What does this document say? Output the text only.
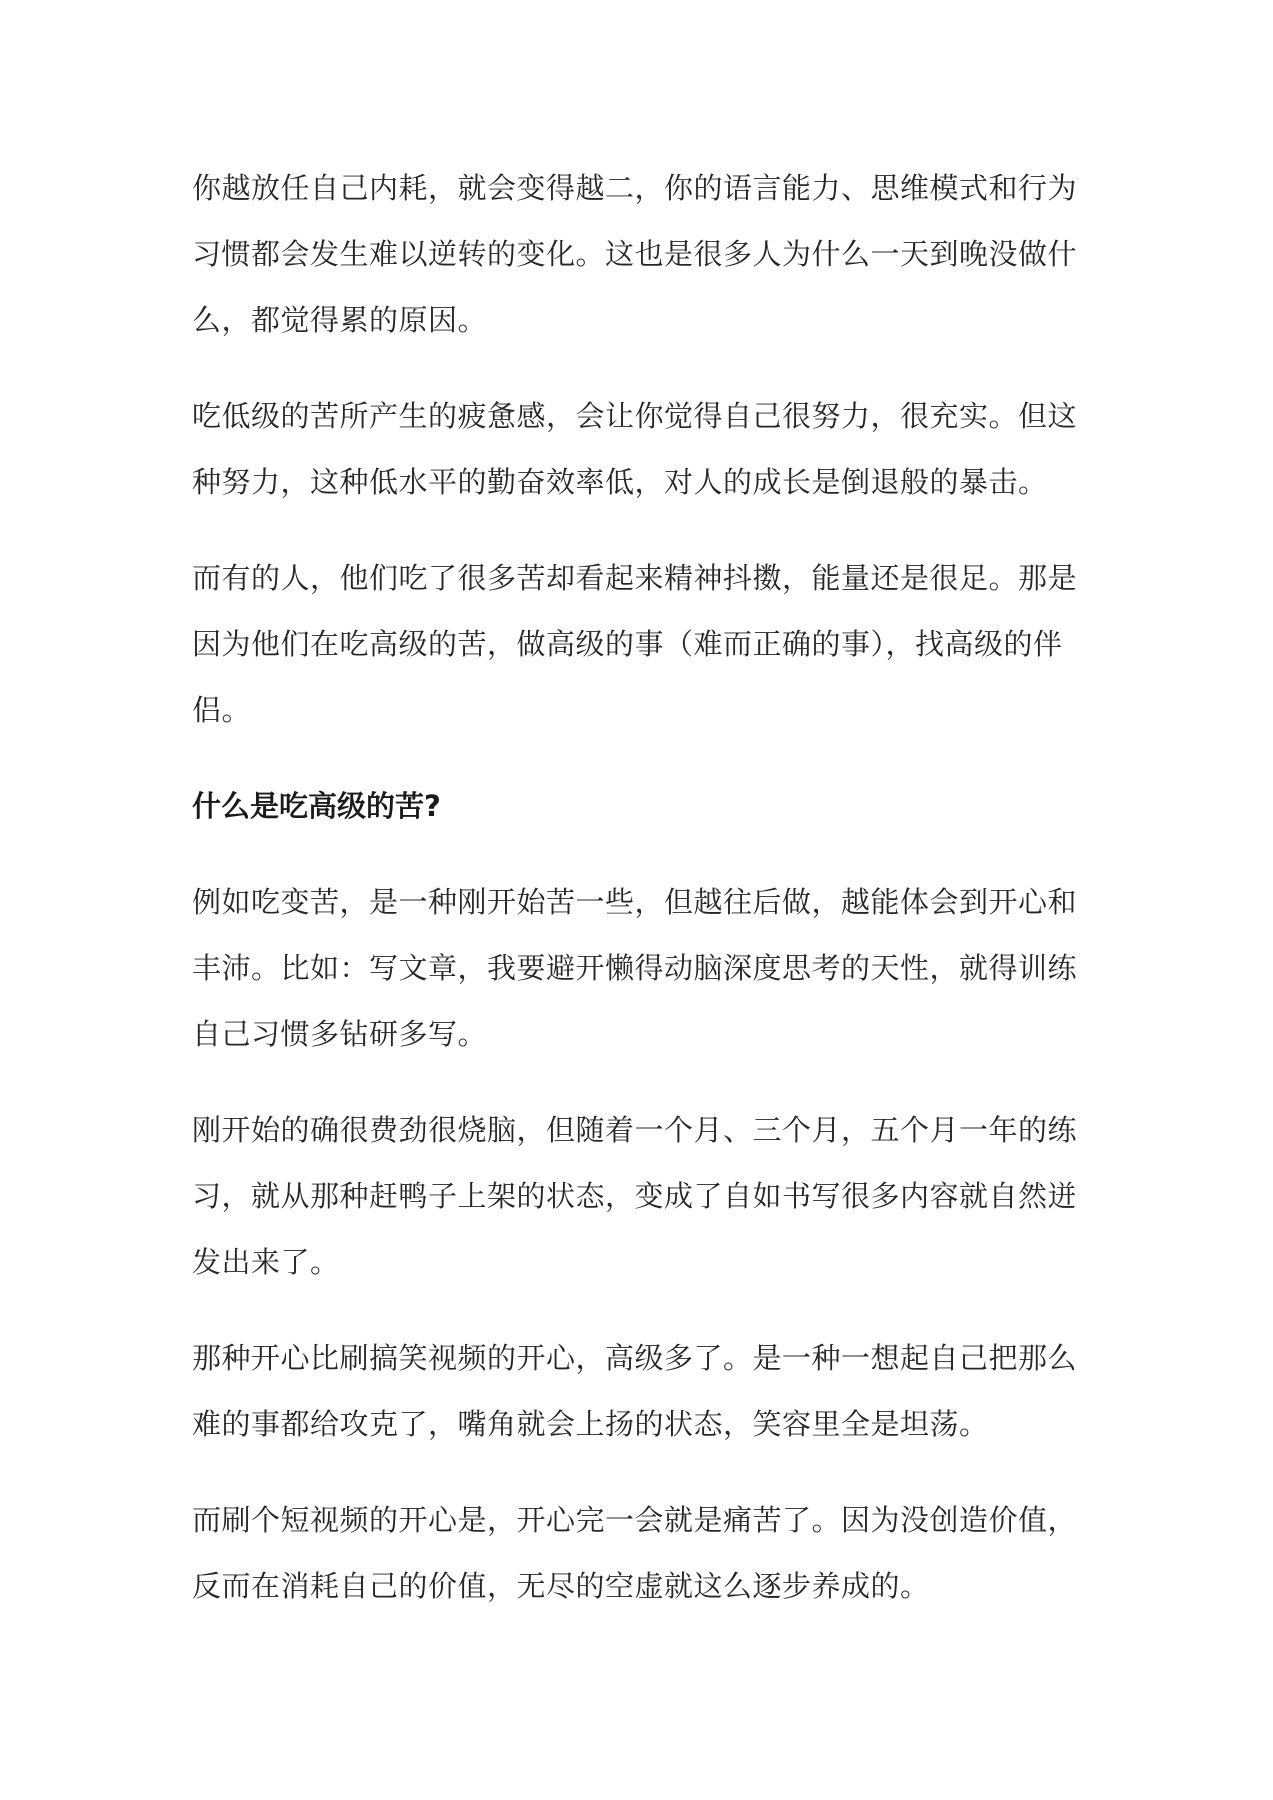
你越放任自己内耗，就会变得越二，你的语言能力、思维模式和行为
习惯都会发生难以逆转的变化。这也是很多人为什么一天到晚没做什
么，都觉得累的原因。

吃低级的苦所产生的疲惫感，会让你觉得自己很努力，很充实。但这
种努力，这种低水平的勤奋效率低，对人的成长是倒退般的暴击。

而有的人，他们吃了很多苦却看起来精神抖擞，能量还是很足。那是
因为他们在吃高级的苦，做高级的事（难而正确的事），找高级的伴
侣。

什么是吃高级的苦?

例如吃变苦，是一种刚开始苦一些，但越往后做，越能体会到开心和
丰沛。比如：写文章，我要避开懒得动脑深度思考的天性，就得训练
自己习惯多钻研多写。

刚开始的确很费劲很烧脑，但随着一个月、三个月，五个月一年的练
习，就从那种赶鸭子上架的状态，变成了自如书写很多内容就自然迸
发出来了。

那种开心比刷搞笑视频的开心，高级多了。是一种一想起自己把那么
难的事都给攻克了，嘴角就会上扬的状态，笑容里全是坦荡。

而刷个短视频的开心是，开心完一会就是痛苦了。因为没创造价值，
反而在消耗自己的价值，无尽的空虚就这么逐步养成的。
